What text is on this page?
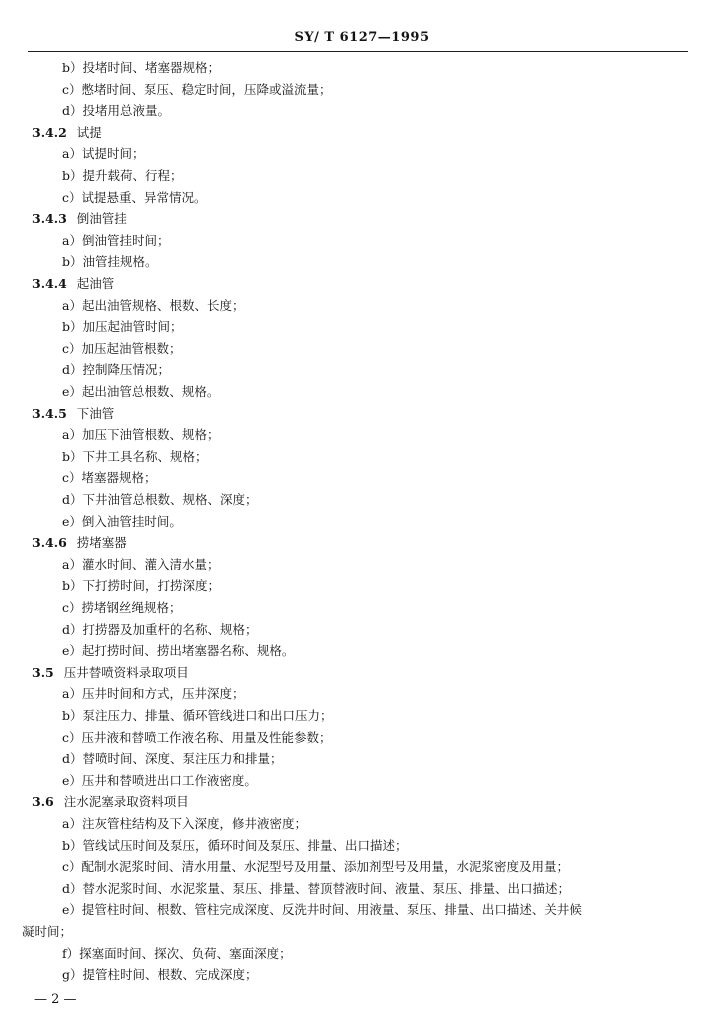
SY/ T 6127—1995
b）投堵时间、堵塞器规格；
c）憋堵时间、泵压、稳定时间，压降或溢流量；
d）投堵用总液量。
3.4.2 试提
a）试提时间；
b）提升载荷、行程；
c）试提悬重、异常情况。
3.4.3 倒油管挂
a）倒油管挂时间；
b）油管挂规格。
3.4.4 起油管
a）起出油管规格、根数、长度；
b）加压起油管时间；
c）加压起油管根数；
d）控制降压情况；
e）起出油管总根数、规格。
3.4.5 下油管
a）加压下油管根数、规格；
b）下井工具名称、规格；
c）堵塞器规格；
d）下井油管总根数、规格、深度；
e）倒入油管挂时间。
3.4.6 捞堵塞器
a）灌水时间、灌入清水量；
b）下打捞时间，打捞深度；
c）捞堵钢丝绳规格；
d）打捞器及加重杆的名称、规格；
e）起打捞时间、捞出堵塞器名称、规格。
3.5 压井替喷资料录取项目
a）压井时间和方式，压井深度；
b）泵注压力、排量、循环管线进口和出口压力；
c）压井液和替喷工作液名称、用量及性能参数；
d）替喷时间、深度、泵注压力和排量；
e）压井和替喷进出口工作液密度。
3.6 注水泥塞录取资料项目
a）注灰管柱结构及下入深度，修井液密度；
b）管线试压时间及泵压，循环时间及泵压、排量、出口描述；
c）配制水泥浆时间、清水用量、水泥型号及用量、添加剂型号及用量，水泥浆密度及用量；
d）替水泥浆时间、水泥浆量、泵压、排量、替顶替液时间、液量、泵压、排量、出口描述；
e）提管柱时间、根数、管柱完成深度、反洗井时间、用液量、泵压、排量、出口描述、关井候
凝时间；
f）探塞面时间、探次、负荷、塞面深度；
g）提管柱时间、根数、完成深度；
— 2 —
